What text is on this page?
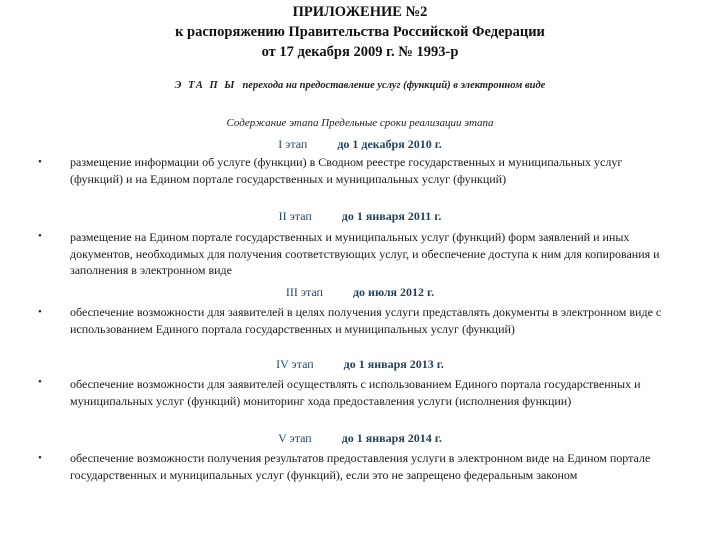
ПРИЛОЖЕНИЕ №2
к распоряжению Правительства Российской Федерации
от 17 декабря 2009 г. № 1993-р
Э ТА П Ы перехода на предоставление услуг (функций) в электронном виде
Содержание этапа Предельные сроки реализации этапа
I этап	до 1 декабря 2010 г.
• размещение информации об услуге (функции) в Сводном реестре государственных и муниципальных услуг (функций) и на Едином портале государственных и муниципальных услуг (функций)
II этап	до 1 января 2011 г.
• размещение на Едином портале государственных и муниципальных услуг (функций) форм заявлений и иных документов, необходимых для получения соответствующих услуг, и обеспечение доступа к ним для копирования и заполнения в электронном виде
III этап	до июля 2012 г.
• обеспечение возможности для заявителей в целях получения услуги представлять документы в электронном виде с использованием Единого портала государственных и муниципальных услуг (функций)
IV этап	до 1 января 2013 г.
• обеспечение возможности для заявителей осуществлять с использованием Единого портала государственных и муниципальных услуг (функций) мониторинг хода предоставления услуги (исполнения функции)
V этап	до 1 января 2014 г.
• обеспечение возможности получения результатов предоставления услуги в электронном виде на Едином портале государственных и муниципальных услуг (функций), если это не запрещено федеральным законом
